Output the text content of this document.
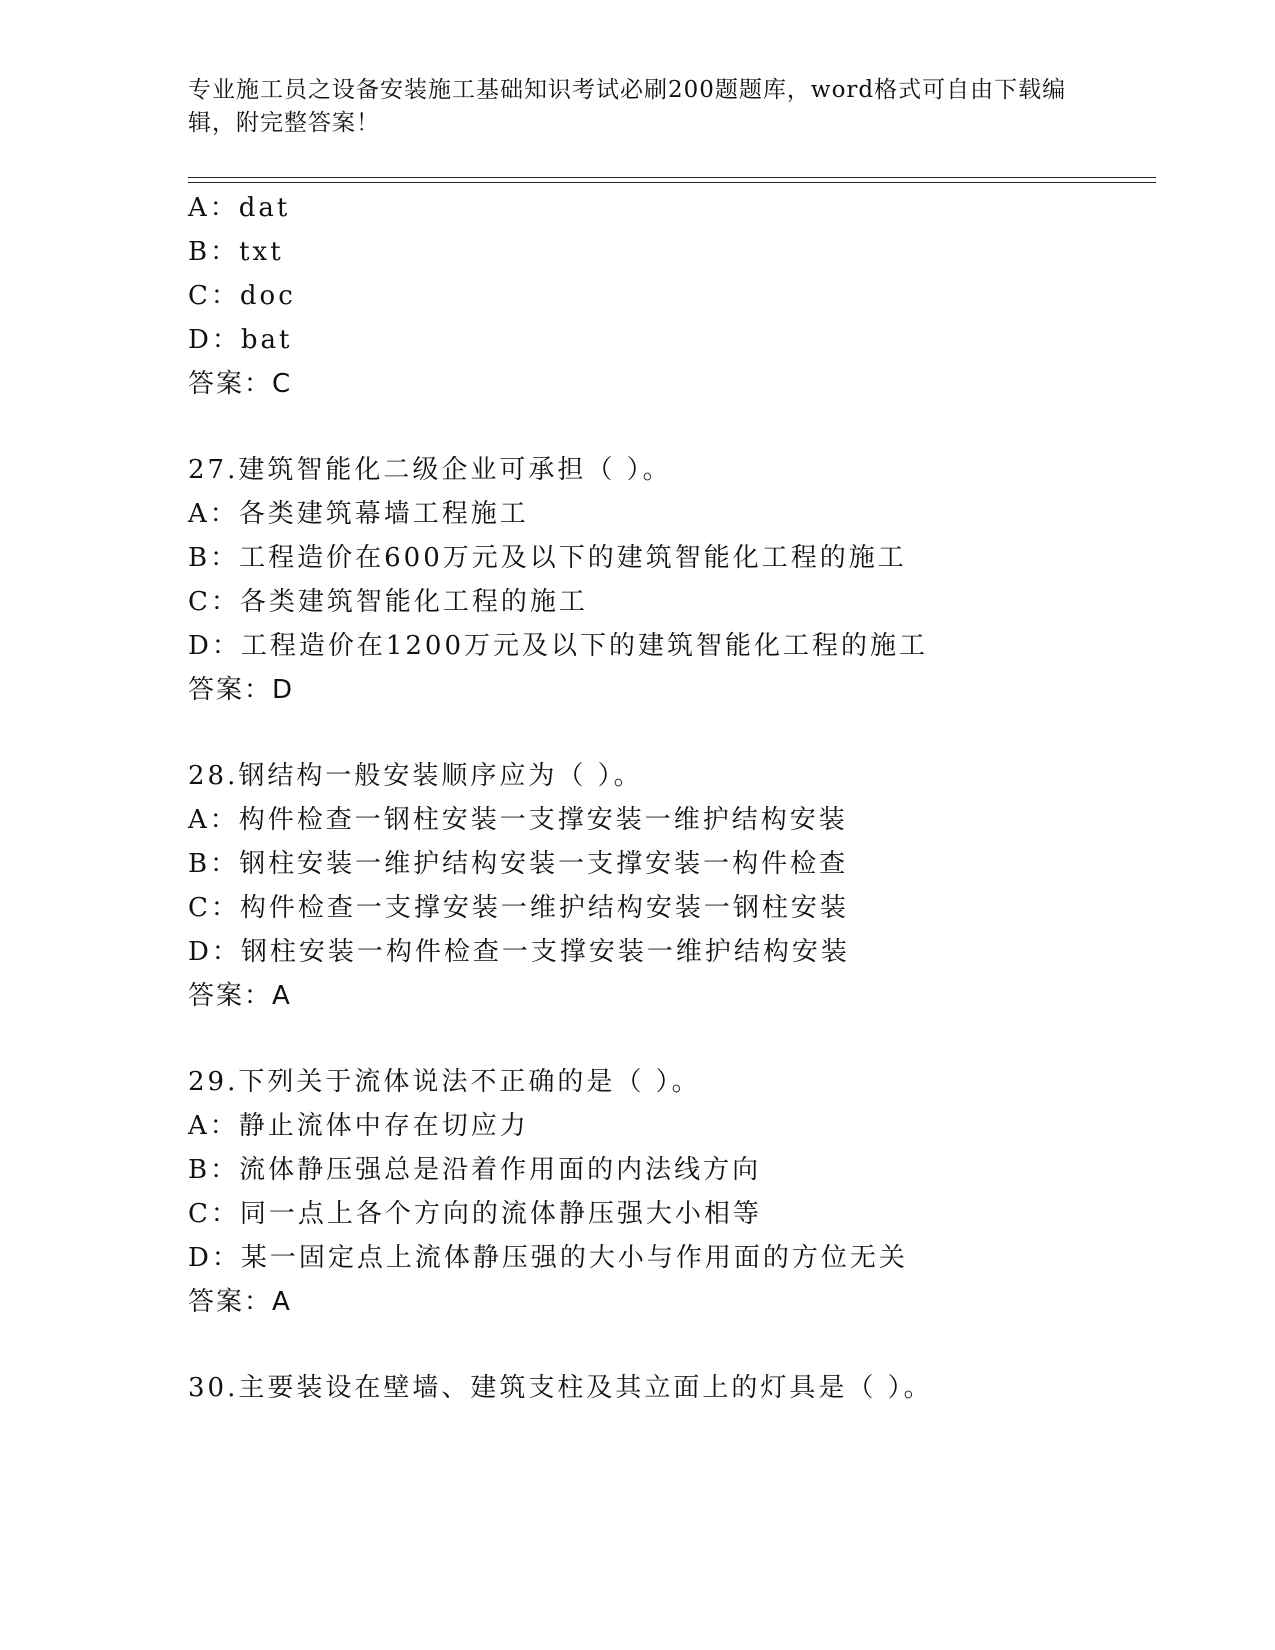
专业施工员之设备安装施工基础知识考试必刷200题题库，word格式可自由下载编辑，附完整答案！
A：dat
B：txt
C：doc
D：bat
答案：C
27.建筑智能化二级企业可承担（ ）。
A：各类建筑幕墙工程施工
B：工程造价在600万元及以下的建筑智能化工程的施工
C：各类建筑智能化工程的施工
D：工程造价在1200万元及以下的建筑智能化工程的施工
答案：D
28.钢结构一般安装顺序应为（ ）。
A：构件检查一钢柱安装一支撑安装一维护结构安装
B：钢柱安装一维护结构安装一支撑安装一构件检查
C：构件检查一支撑安装一维护结构安装一钢柱安装
D：钢柱安装一构件检查一支撑安装一维护结构安装
答案：A
29.下列关于流体说法不正确的是（ ）。
A：静止流体中存在切应力
B：流体静压强总是沿着作用面的内法线方向
C：同一点上各个方向的流体静压强大小相等
D：某一固定点上流体静压强的大小与作用面的方位无关
答案：A
30.主要装设在壁墙、建筑支柱及其立面上的灯具是（ ）。
